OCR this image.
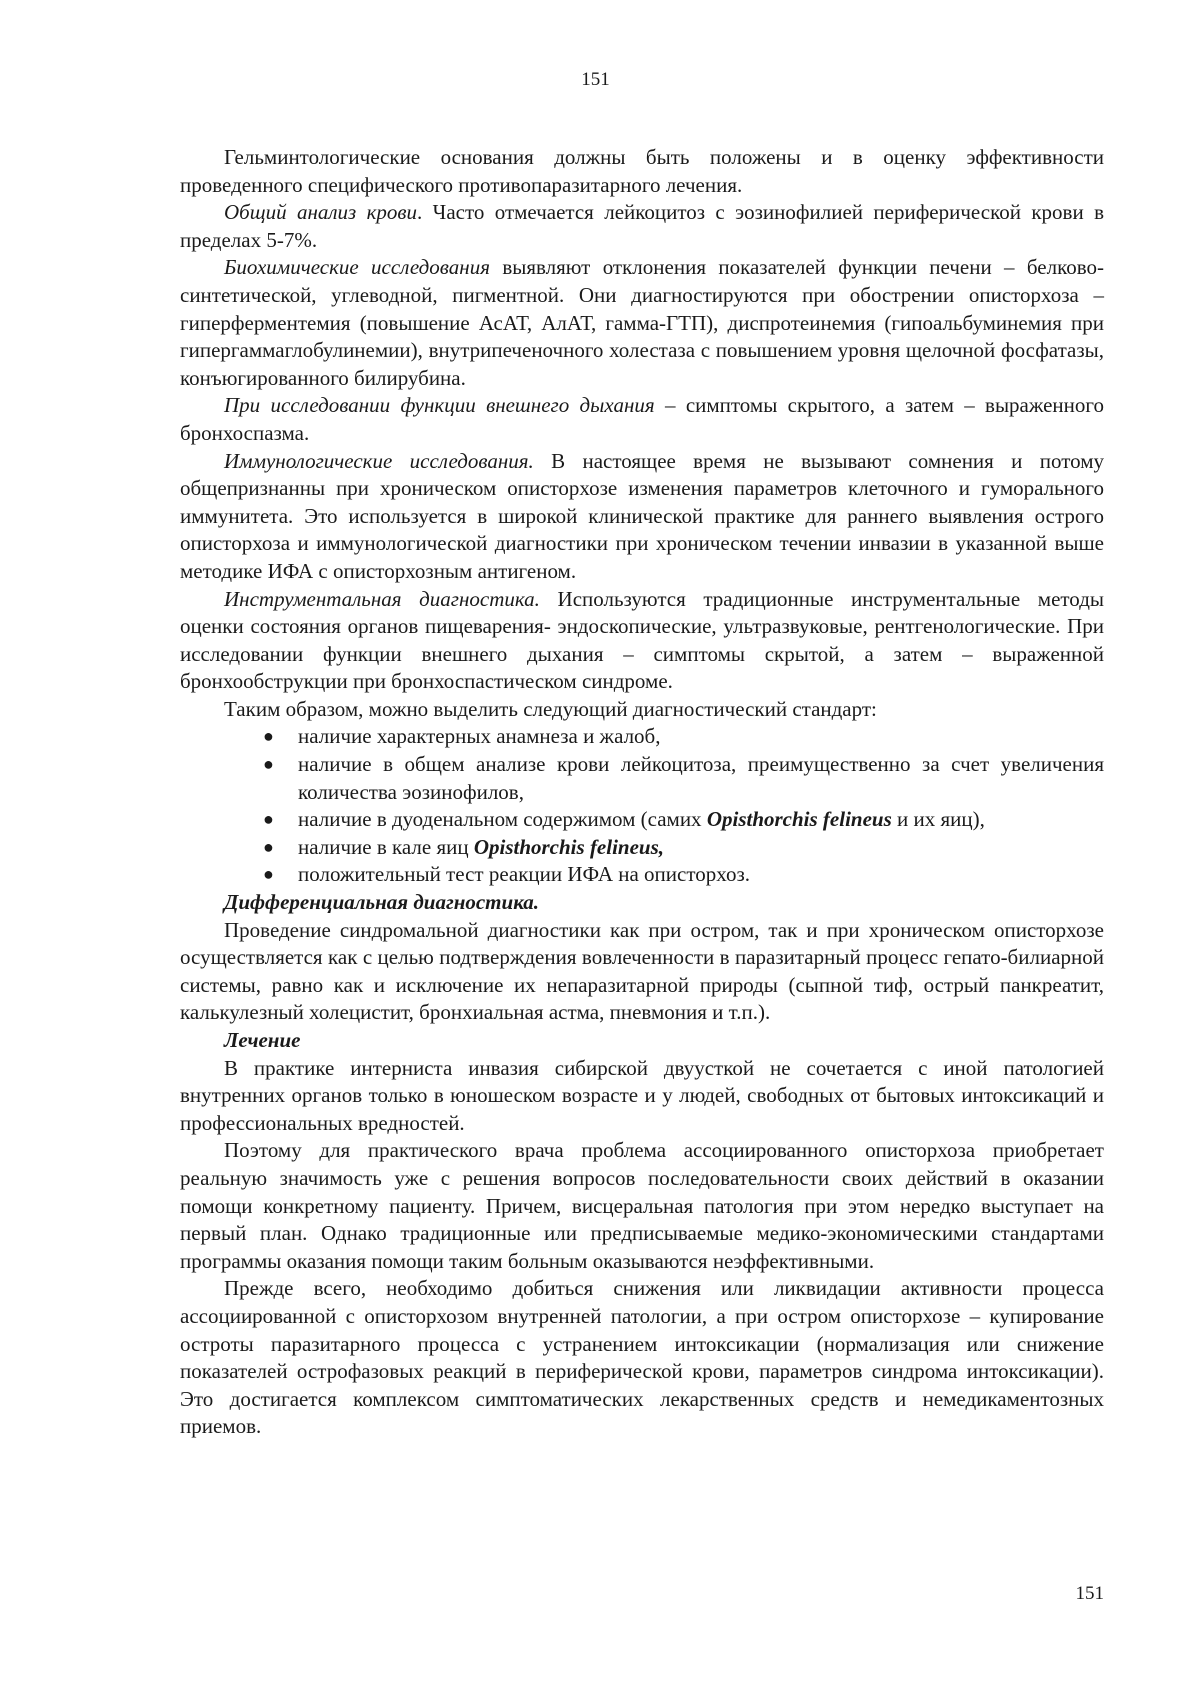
151

Гельминтологические основания должны быть положены и в оценку эффективности проведенного специфического противопаразитарного лечения.

Общий анализ крови. Часто отмечается лейкоцитоз с эозинофилией периферической крови в пределах 5-7%.

Биохимические исследования выявляют отклонения показателей функции печени – белково-синтетической, углеводной, пигментной. Они диагностируются при обострении описторхоза – гиперферментемия (повышение АсАТ, АлАТ, гамма-ГТП), диспротеинемия (гипоальбуминемия при гипергаммаглобулинемии), внутрипеченочного холестаза с повышением уровня щелочной фосфатазы, конъюгированного билирубина.

При исследовании функции внешнего дыхания – симптомы скрытого, а затем – выраженного бронхоспазма.

Иммунологические исследования. В настоящее время не вызывают сомнения и потому общепризнанны при хроническом описторхозе изменения параметров клеточного и гуморального иммунитета. Это используется в широкой клинической практике для раннего выявления острого описторхоза и иммунологической диагностики при хроническом течении инвазии в указанной выше методике ИФА с описторхозным антигеном.

Инструментальная диагностика. Используются традиционные инструментальные методы оценки состояния органов пищеварения- эндоскопические, ультразвуковые, рентгенологические. При исследовании функции внешнего дыхания – симптомы скрытой, а затем – выраженной бронхообструкции при бронхоспастическом синдроме.

Таким образом, можно выделить следующий диагностический стандарт:

● наличие характерных анамнеза и жалоб,
● наличие в общем анализе крови лейкоцитоза, преимущественно за счет увеличения количества эозинофилов,
● наличие в дуоденальном содержимом (самих Opisthorchis felineus и их яиц),
● наличие в кале яиц Opisthorchis felineus,
● положительный тест реакции ИФА на описторхоз.
Дифференциальная диагностика.

Проведение синдромальной диагностики как при остром, так и при хроническом описторхозе осуществляется как с целью подтверждения вовлеченности в паразитарный процесс гепато-билиарной системы, равно как и исключение их непаразитарной природы (сыпной тиф, острый панкреатит, калькулезный холецистит, бронхиальная астма, пневмония и т.п.).

Лечение

В практике интерниста инвазия сибирской двуусткой не сочетается с иной патологией внутренних органов только в юношеском возрасте и у людей, свободных от бытовых интоксикаций и профессиональных вредностей.

Поэтому для практического врача проблема ассоциированного описторхоза приобретает реальную значимость уже с решения вопросов последовательности своих действий в оказании помощи конкретному пациенту. Причем, висцеральная патология при этом нередко выступает на первый план. Однако традиционные или предписываемые медико-экономическими стандартами программы оказания помощи таким больным оказываются неэффективными.

Прежде всего, необходимо добиться снижения или ликвидации активности процесса ассоциированной с описторхозом внутренней патологии, а при остром описторхозе – купирование остроты паразитарного процесса с устранением интоксикации (нормализация или снижение показателей острофазовых реакций в периферической крови, параметров синдрома интоксикации). Это достигается комплексом симптоматических лекарственных средств и немедикаментозных приемов.

151
